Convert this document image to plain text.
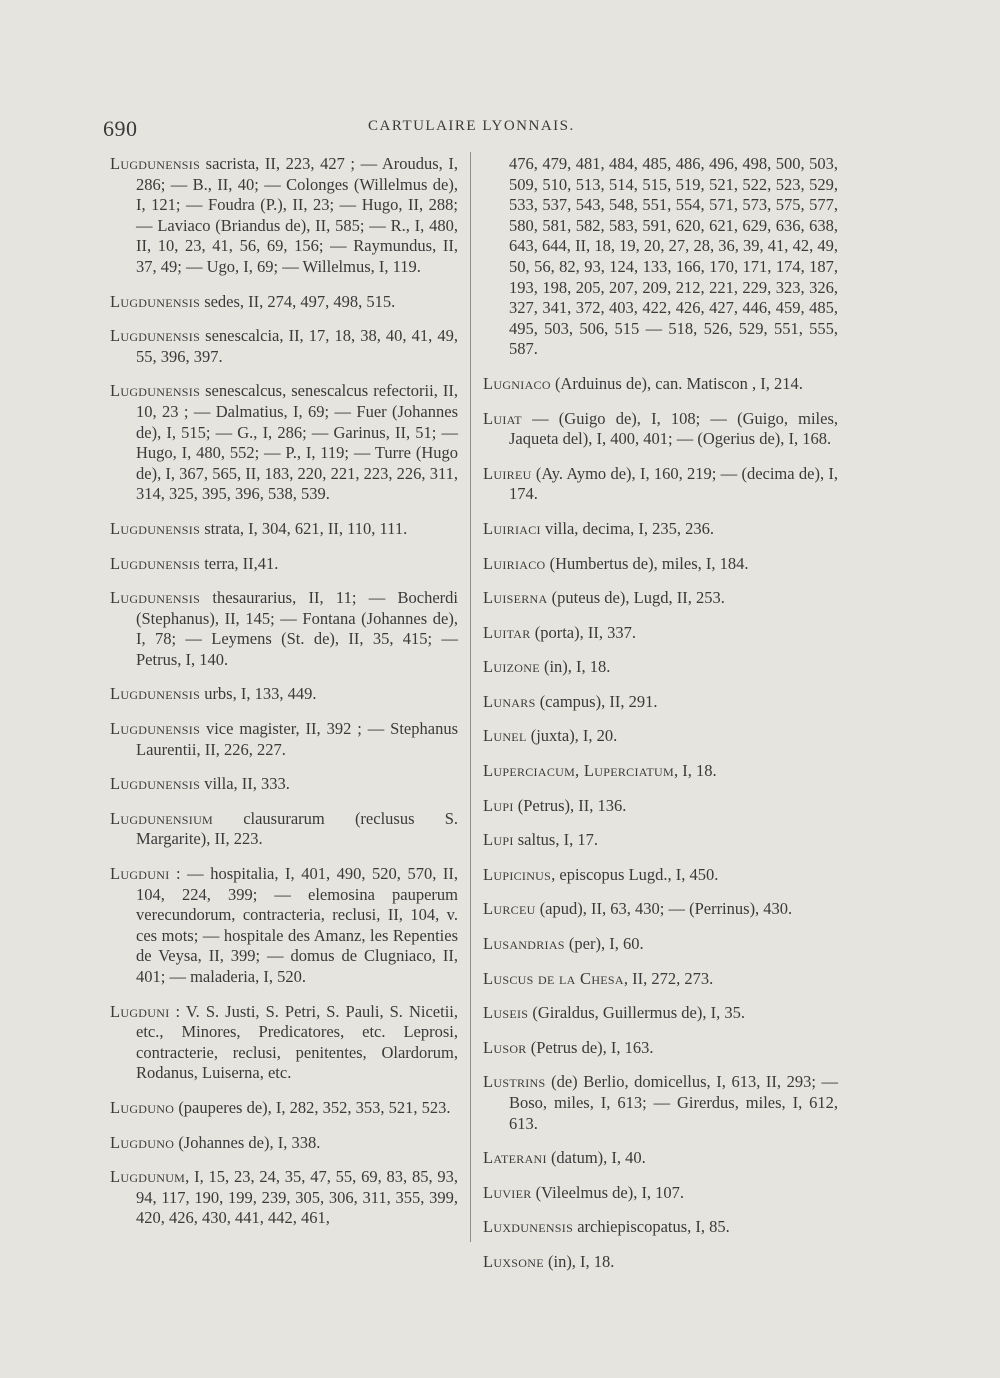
690	CARTULAIRE LYONNAIS.

Lugdunensis sacrista, II, 223, 427 ; — Aroudus, I, 286; — B., II, 40; — Colonges (Willelmus de), I, 121; — Foudra (P.), II, 23; — Hugo, II, 288; — Laviaco (Briandus de), II, 585; — R., I, 480, II, 10, 23, 41, 56, 69, 156; — Raymundus, II, 37, 49; — Ugo, I, 69; — Willelmus, I, 119.

Lugdunensis sedes, II, 274, 497, 498, 515.

Lugdunensis senescalcia, II, 17, 18, 38, 40, 41, 49, 55, 396, 397.

Lugdunensis senescalcus, senescalcus refectorii, II, 10, 23 ; — Dalmatius, I, 69; — Fuer (Johannes de), I, 515; — G., I, 286; — Garinus, II, 51; — Hugo, I, 480, 552; — P., I, 119; — Turre (Hugo de), I, 367, 565, II, 183, 220, 221, 223, 226, 311, 314, 325, 395, 396, 538, 539.

Lugdunensis strata, I, 304, 621, II, 110, 111.

Lugdunensis terra, II,41.

Lugdunensis thesaurarius, II, 11; — Bocherdi (Stephanus), II, 145; — Fontana (Johannes de), I, 78; — Leymens (St. de), II, 35, 415; — Petrus, I, 140.

Lugdunensis urbs, I, 133, 449.

Lugdunensis vice magister, II, 392 ; — Stephanus Laurentii, II, 226, 227.

Lugdunensis villa, II, 333.

Lugdunensium clausurarum (reclusus S. Margarite), II, 223.

Lugduni : — hospitalia, I, 401, 490, 520, 570, II, 104, 224, 399; — elemosina pauperum verecundorum, contracteria, reclusi, II, 104, v. ces mots; — hospitale des Amanz, les Repenties de Veysa, II, 399; — domus de Clugniaco, II, 401; — maladeria, I, 520.

Lugduni : V. S. Justi, S. Petri, S. Pauli, S. Nicetii, etc., Minores, Predicatores, etc. Leprosi, contracterie, reclusi, penitentes, Olardorum, Rodanus, Luiserna, etc.

Lugduno (pauperes de), I, 282, 352, 353, 521, 523.

Lugduno (Johannes de), I, 338.

Lugdunum, I, 15, 23, 24, 35, 47, 55, 69, 83, 85, 93, 94, 117, 190, 199, 239, 305, 306, 311, 355, 399, 420, 426, 430, 441, 442, 461,

476, 479, 481, 484, 485, 486, 496, 498, 500, 503, 509, 510, 513, 514, 515, 519, 521, 522, 523, 529, 533, 537, 543, 548, 551, 554, 571, 573, 575, 577, 580, 581, 582, 583, 591, 620, 621, 629, 636, 638, 643, 644, II, 18, 19, 20, 27, 28, 36, 39, 41, 42, 49, 50, 56, 82, 93, 124, 133, 166, 170, 171, 174, 187, 193, 198, 205, 207, 209, 212, 221, 229, 323, 326, 327, 341, 372, 403, 422, 426, 427, 446, 459, 485, 495, 503, 506, 515 — 518, 526, 529, 551, 555, 587.

Lugniaco (Arduinus de), can. Matiscon , I, 214.

Luiat — (Guigo de), I, 108; — (Guigo, miles, Jaqueta del), I, 400, 401; — (Ogerius de), I, 168.

Luireu (Ay. Aymo de), I, 160, 219; — (decima de), I, 174.

Luiriaci villa, decima, I, 235, 236.

Luiriaco (Humbertus de), miles, I, 184.

Luiserna (puteus de), Lugd, II, 253.

Luitar (porta), II, 337.

Luizone (in), I, 18.

Lunars (campus), II, 291.

Lunel (juxta), I, 20.

Luperciacum, Luperciatum, I, 18.

Lupi (Petrus), II, 136.

Lupi saltus, I, 17.

Lupicinus, episcopus Lugd., I, 450.

Lurceu (apud), II, 63, 430; — (Perrinus), 430.

Lusandrias (per), I, 60.

Luscus de la Chesa, II, 272, 273.

Luseis (Giraldus, Guillermus de), I, 35.

Lusor (Petrus de), I, 163.

Lustrins (de) Berlio, domicellus, I, 613, II, 293; — Boso, miles, I, 613; — Girerdus, miles, I, 612, 613.

Laterani (datum), I, 40.

Luvier (Vileelmus de), I, 107.

Luxdunensis archiepiscopatus, I, 85.

Luxsone (in), I, 18.
